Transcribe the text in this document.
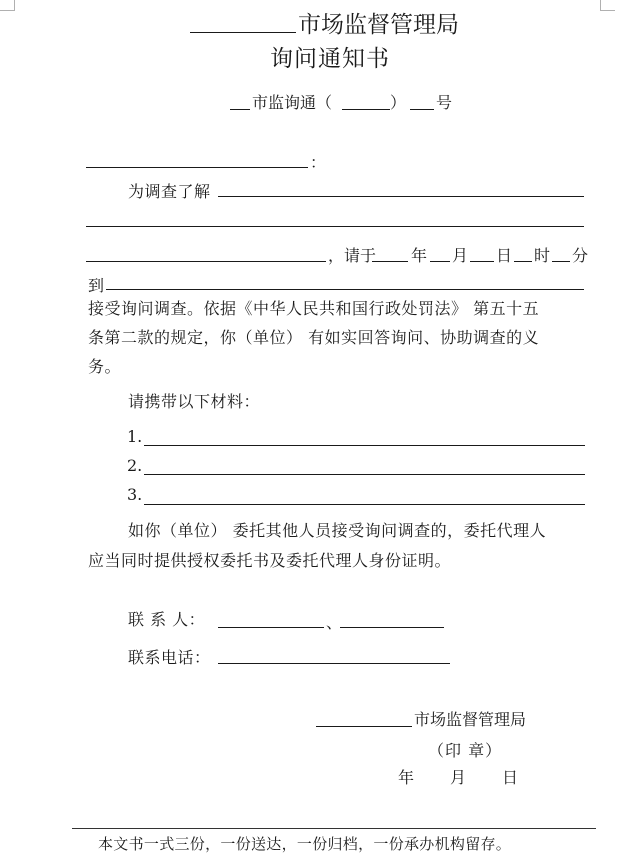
市场监督管理局
询问通知书
市监询通（	） 号
：
为调查了解
，请于 年 月 日 时 分
到
接受询问调查。依据《中华人民共和国行政处罚法》 第五十五
条第二款的规定，你（单位） 有如实回答询问、协助调查的义
务。
请携带以下材料：
1.
2.
3.
如你（单位） 委托其他人员接受询问调查的，委托代理人
应当同时提供授权委托书及委托代理人身份证明。
联 系 人：	、
联系电话：
市场监督管理局
（印 章）
年 月 日
本文书一式三份，一份送达，一份归档，一份承办机构留存。
